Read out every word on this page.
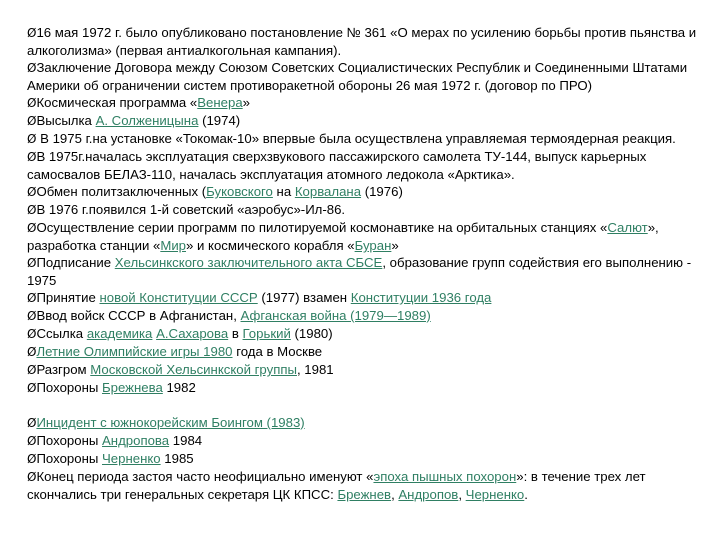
Ø16 мая 1972 г. было опубликовано постановление № 361 «О мерах по усилению борьбы против пьянства и алкоголизма» (первая антиалкогольная кампания).
ØЗаключение Договора между Союзом Советских Социалистических Республик и Соединенными Штатами Америки об ограничении систем противоракетной обороны 26 мая 1972 г. (договор по ПРО)
ØКосмическая программа «Венера»
ØВысылка А. Солженицына (1974)
Ø В 1975 г.на установке «Токомак-10» впервые была осуществлена управляемая термоядерная реакция.
ØВ 1975г.началась эксплуатация сверхзвукового пассажирского самолета ТУ-144, выпуск карьерных самосвалов БЕЛАЗ-110, началась эксплуатация атомного ледокола «Арктика».
ØОбмен политзаключенных (Буковского на Корвалана (1976)
ØВ 1976 г.появился 1-й советский «аэробус»-Ил-86.
ØОсуществление серии программ по пилотируемой космонавтике на орбитальных станциях «Салют», разработка станции «Мир» и космического корабля «Буран»
ØПодписание Хельсинкского заключительного акта СБСЕ, образование групп содействия его выполнению - 1975
ØПринятие новой Конституции СССР (1977) взамен Конституции 1936 года
ØВвод войск СССР в Афганистан, Афганская война (1979—1989)
ØСсылка академика А.Сахарова в Горький (1980)
ØЛетние Олимпийские игры 1980 года в Москве
ØРазгром Московской Хельсинкской группы, 1981
ØПохороны Брежнева 1982
ØИнцидент с южнокорейским Боингом (1983)
ØПохороны Андропова 1984
ØПохороны Черненко 1985
ØКонец периода застоя часто неофициально именуют «эпоха пышных похорон»: в течение трех лет скончались три генеральных секретаря ЦК КПСС: Брежнев, Андропов, Черненко.
